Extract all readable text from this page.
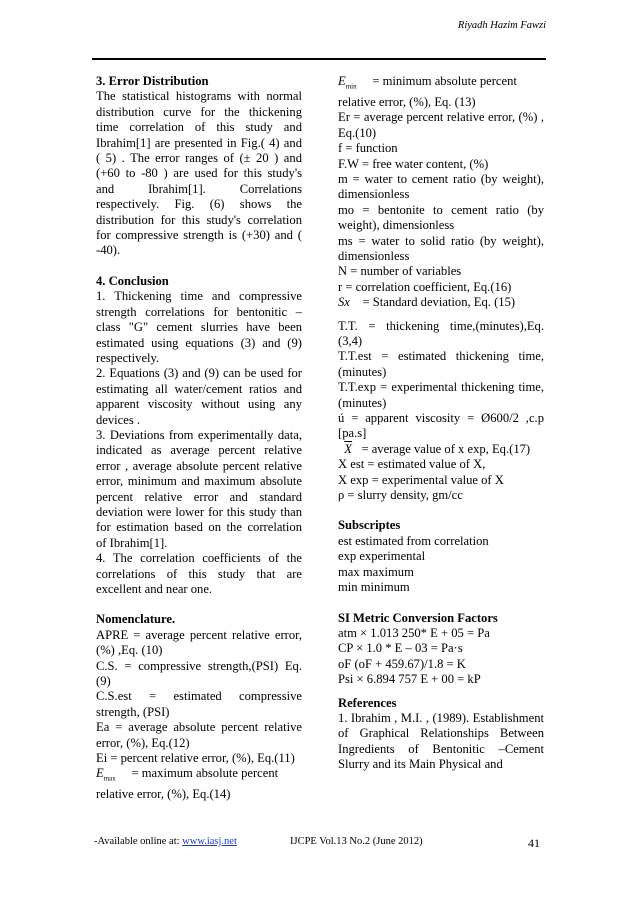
Riyadh Hazim Fawzi

3. Error Distribution

The statistical histograms with normal distribution curve for the thickening time correlation of this study and Ibrahim[1] are presented in Fig.( 4) and ( 5) . The error ranges of (± 20 ) and (+60 to -80 ) are used for this study's and Ibrahim[1]. Correlations respectively. Fig. (6) shows the distribution for this study's correlation for compressive strength is (+30) and ( -40).

4. Conclusion

1. Thickening time and compressive strength correlations for bentonitic – class "G" cement slurries have been estimated using equations (3) and (9) respectively.

2. Equations (3) and (9) can be used for estimating all water/cement ratios and apparent viscosity without using any devices .

3. Deviations from experimentally data, indicated as average percent relative error , average absolute percent relative error, minimum and maximum absolute percent relative error and standard deviation were lower for this study than for estimation based on the correlation of Ibrahim[1].

4. The correlation coefficients of the correlations of this study that are excellent and near one.

Nomenclature.

APRE = average percent relative error, (%) ,Eq. (10)

C.S. = compressive strength,(PSI) Eq.(9)

C.S.est = estimated compressive strength, (PSI)

Ea = average absolute percent relative error, (%), Eq.(12)

Ei = percent relative error, (%), Eq.(11)

$E_{max}$ = maximum absolute percent

relative error, (%), Eq.(14)

$E_{min}$ = minimum absolute percent

relative error, (%), Eq. (13)

Er = average percent relative error, (%) , Eq.(10)

f = function

F.W = free water content, (%)

m = water to cement ratio (by weight), dimensionless

mo = bentonite to cement ratio (by weight), dimensionless

ms = water to solid ratio (by weight), dimensionless

N = number of variables

r = correlation coefficient, Eq.(16)

Sx = Standard deviation, Eq. (15)

T.T. = thickening time,(minutes),Eq.(3,4)

T.T.est = estimated thickening time, (minutes)

T.T.exp = experimental thickening time, (minutes)

ú = apparent viscosity = Ø600/2 ,c.p [pa.s]

$\overline{X}$ = average value of x exp, Eq.(17)

X est = estimated value of X,

X exp = experimental value of X

ρ = slurry density, gm/cc

Subscriptes

est estimated from correlation

exp experimental

max maximum

min minimum

SI Metric Conversion Factors

atm × 1.013 250* E + 05 = Pa

CP × 1.0 * E – 03 = Pa·s

oF (oF + 459.67)/1.8 = K

Psi × 6.894 757 E + 00 = kP

References

1. Ibrahim , M.I. , (1989). Establishment of Graphical Relationships Between Ingredients of Bentonitic –Cement Slurry and its Main Physical and

-Available online at: www.iasj.net	IJCPE Vol.13 No.2 (June 2012)	41
